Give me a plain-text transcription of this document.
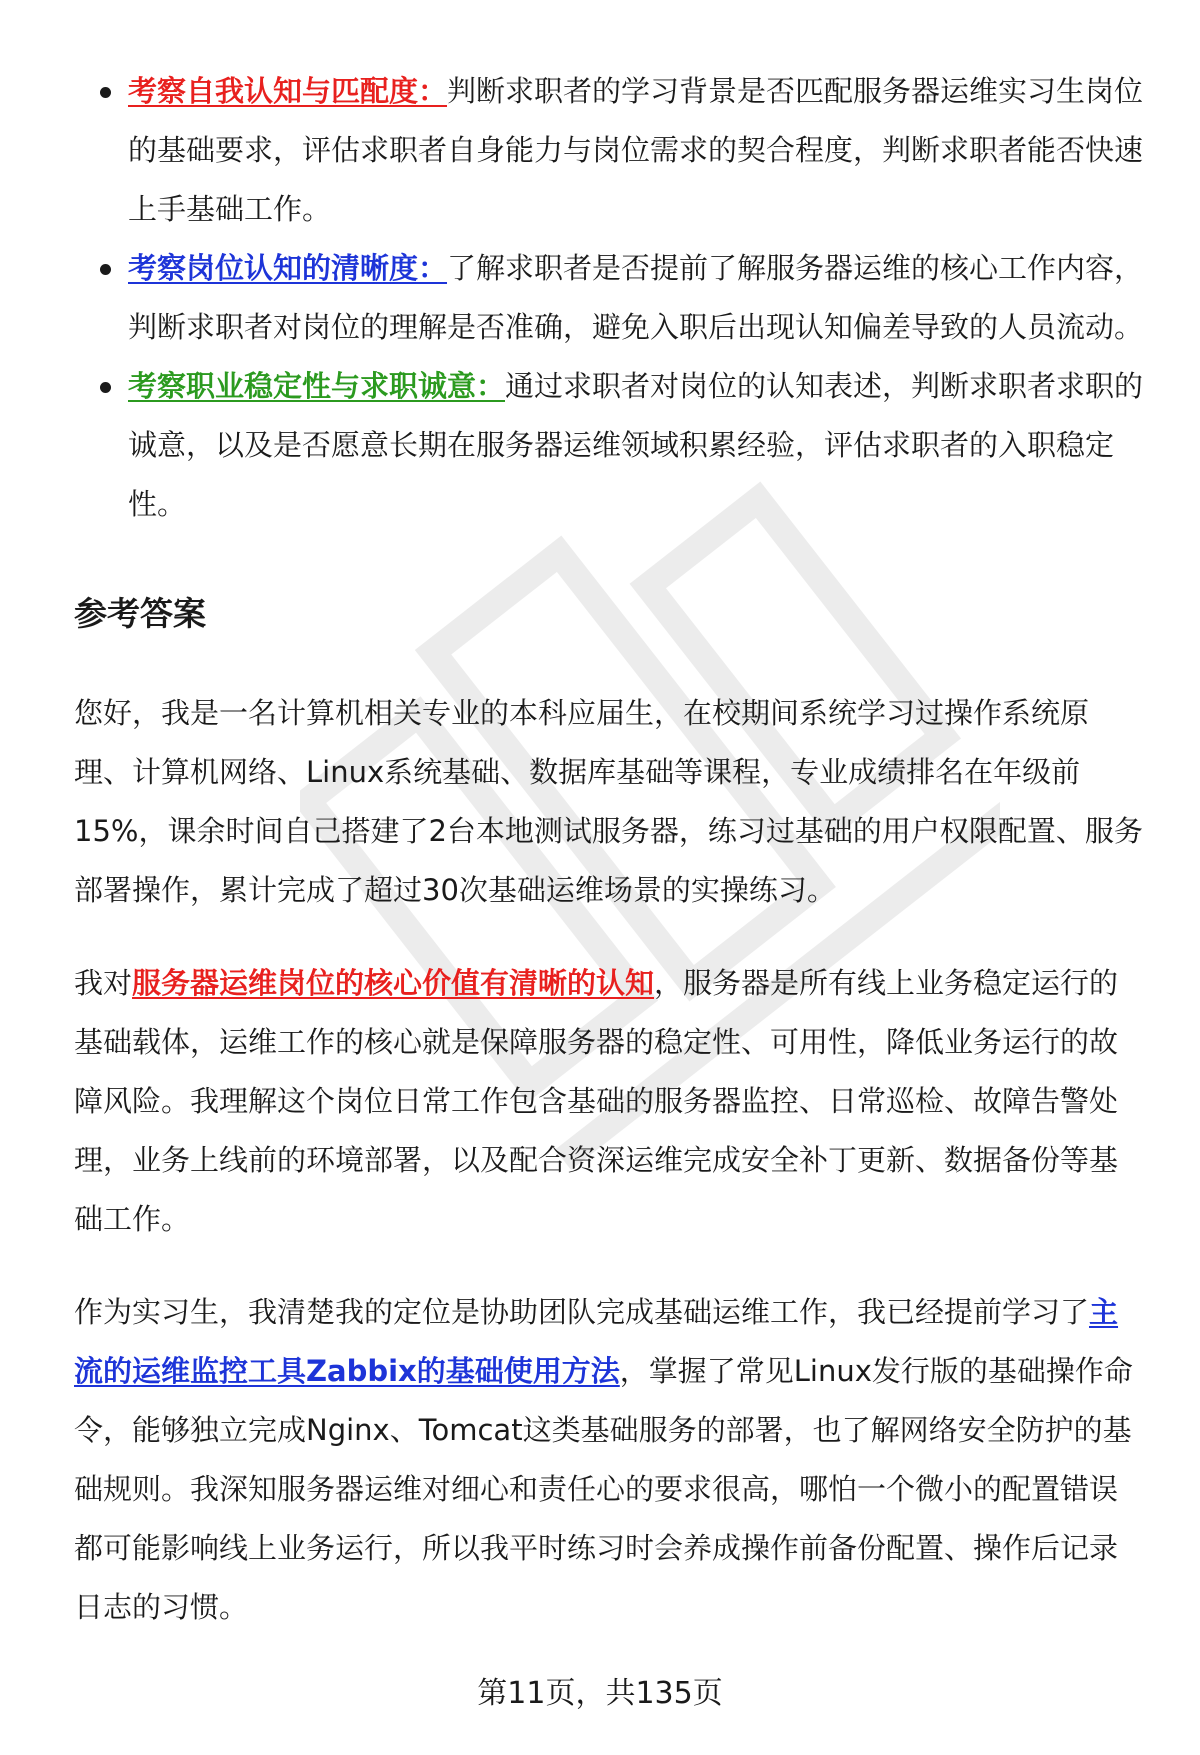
考察自我认知与匹配度：判断求职者的学习背景是否匹配服务器运维实习生岗位的基础要求，评估求职者自身能力与岗位需求的契合程度，判断求职者能否快速上手基础工作。
考察岗位认知的清晰度：了解求职者是否提前了解服务器运维的核心工作内容，判断求职者对岗位的理解是否准确，避免入职后出现认知偏差导致的人员流动。
考察职业稳定性与求职诚意：通过求职者对岗位的认知表述，判断求职者求职的诚意，以及是否愿意长期在服务器运维领域积累经验，评估求职者的入职稳定性。
参考答案

您好，我是一名计算机相关专业的本科应届生，在校期间系统学习过操作系统原理、计算机网络、Linux系统基础、数据库基础等课程，专业成绩排名在年级前15%，课余时间自己搭建了2台本地测试服务器，练习过基础的用户权限配置、服务部署操作，累计完成了超过30次基础运维场景的实操练习。

我对服务器运维岗位的核心价值有清晰的认知，服务器是所有线上业务稳定运行的基础载体，运维工作的核心就是保障服务器的稳定性、可用性，降低业务运行的故障风险。我理解这个岗位日常工作包含基础的服务器监控、日常巡检、故障告警处理，业务上线前的环境部署，以及配合资深运维完成安全补丁更新、数据备份等基础工作。

作为实习生，我清楚我的定位是协助团队完成基础运维工作，我已经提前学习了主流的运维监控工具Zabbix的基础使用方法，掌握了常见Linux发行版的基础操作命令，能够独立完成Nginx、Tomcat这类基础服务的部署，也了解网络安全防护的基础规则。我深知服务器运维对细心和责任心的要求很高，哪怕一个微小的配置错误都可能影响线上业务运行，所以我平时练习时会养成操作前备份配置、操作后记录日志的习惯。

第11页，共135页
